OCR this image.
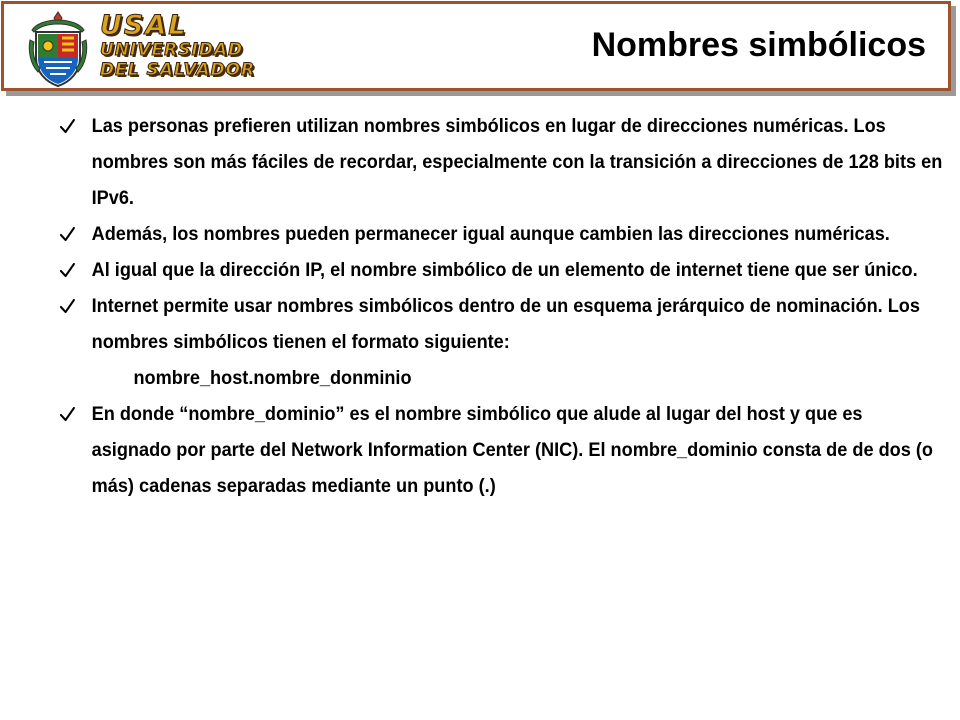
USAL
UNIVERSIDAD
DEL SALVADOR
Nombres simbólicos
Las personas prefieren utilizan nombres simbólicos en lugar de direcciones numéricas. Los nombres son más fáciles de recordar, especialmente con la transición a direcciones de 128 bits en IPv6.
Además, los nombres pueden permanecer igual aunque cambien las direcciones numéricas.
Al igual que la dirección IP, el nombre simbólico de un elemento de internet tiene que ser único.
Internet permite usar nombres simbólicos dentro de un esquema jerárquico de nominación. Los nombres simbólicos tienen el formato siguiente:
nombre_host.nombre_donminio
En donde “nombre_dominio” es el nombre simbólico que alude al lugar del host y que es asignado por parte del Network Information Center (NIC). El nombre_dominio consta de de dos (o más) cadenas separadas mediante un punto (.)
